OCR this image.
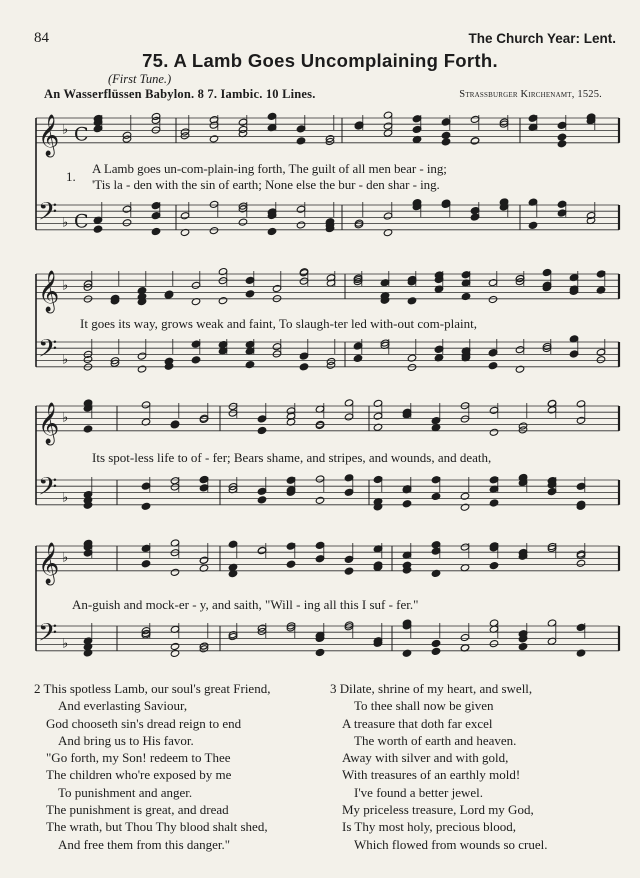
84	The Church Year: Lent.
75. A Lamb Goes Uncomplaining Forth.
(First Tune.)
An Wasserflüssen Babylon. 8 7. Iambic. 10 Lines.	Strassburger Kirchenamt, 1525.
𝄞 ♭ C
𝄢 ♭ C
𝄞 ♭
𝄢 ♭
𝄞 ♭
𝄢 ♭
𝄞 ♭
𝄢 ♭
1.
A Lamb goes un-com-plain-ing forth, The guilt of all men bear - ing;
'Tis la - den with the sin of earth; None else the bur - den shar - ing.
It goes its way, grows weak and faint, To slaugh-ter led with-out com-plaint,
Its spot-less life to of - fer; Bears shame, and stripes, and wounds, and death,
An-guish and mock-er - y, and saith, "Will - ing all this I suf - fer."
2 This spotless Lamb, our soul's great Friend,
And everlasting Saviour,
God chooseth sin's dread reign to end
And bring us to His favor.
"Go forth, my Son! redeem to Thee
The children who're exposed by me
To punishment and anger.
The punishment is great, and dread
The wrath, but Thou Thy blood shalt shed,
And free them from this danger."
3 Dilate, shrine of my heart, and swell,
To thee shall now be given
A treasure that doth far excel
The worth of earth and heaven.
Away with silver and with gold,
With treasures of an earthly mold!
I've found a better jewel.
My priceless treasure, Lord my God,
Is Thy most holy, precious blood,
Which flowed from wounds so cruel.
